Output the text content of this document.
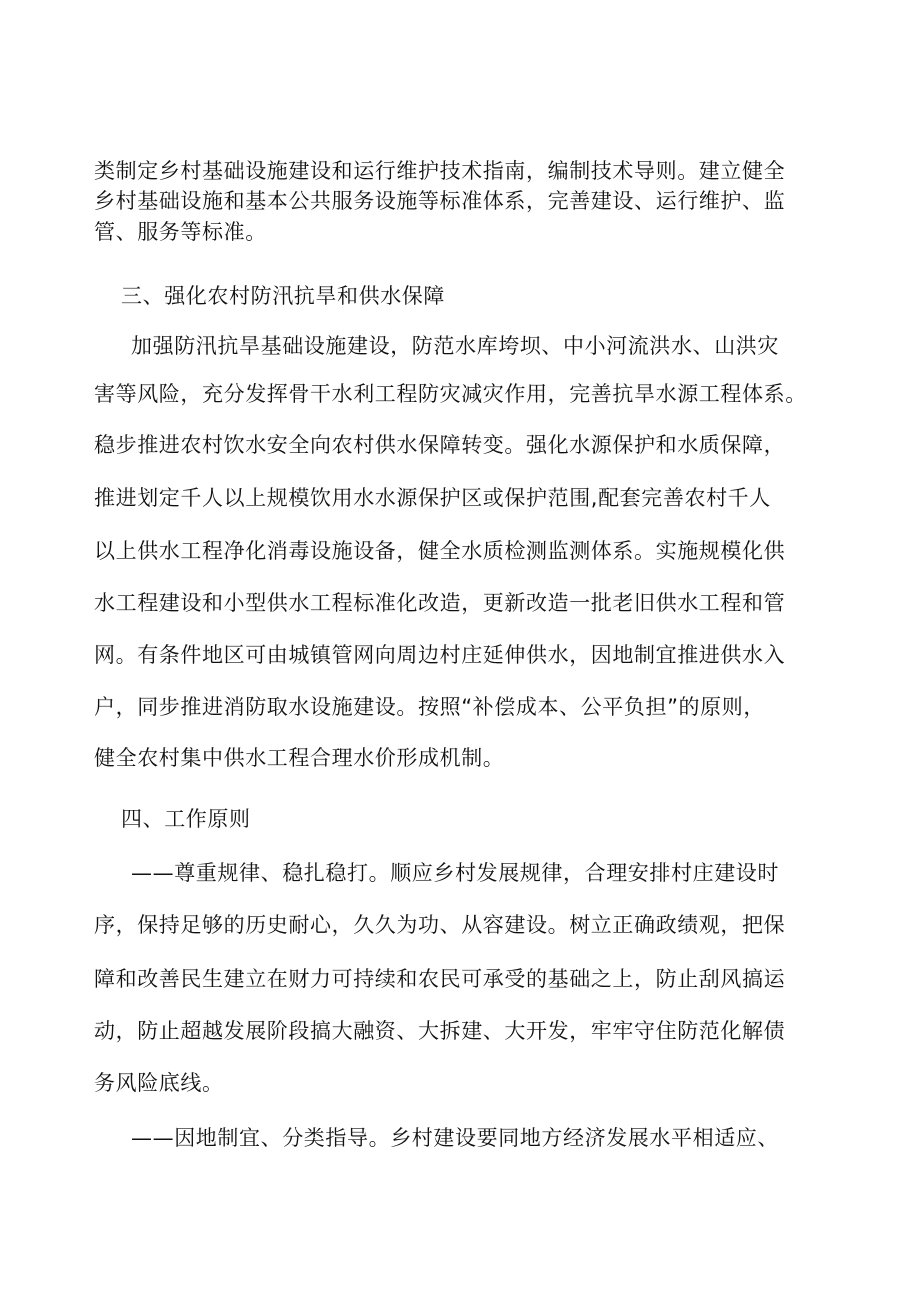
类制定乡村基础设施建设和运行维护技术指南，编制技术导则。建立健全
乡村基础设施和基本公共服务设施等标准体系，完善建设、运行维护、监
管、服务等标准。
三、强化农村防汛抗旱和供水保障
加强防汛抗旱基础设施建设，防范水库垮坝、中小河流洪水、山洪灾
害等风险，充分发挥骨干水利工程防灾减灾作用，完善抗旱水源工程体系。
稳步推进农村饮水安全向农村供水保障转变。强化水源保护和水质保障，
推进划定千人以上规模饮用水水源保护区或保护范围,配套完善农村千人
以上供水工程净化消毒设施设备，健全水质检测监测体系。实施规模化供
水工程建设和小型供水工程标准化改造，更新改造一批老旧供水工程和管
网。有条件地区可由城镇管网向周边村庄延伸供水，因地制宜推进供水入
户，同步推进消防取水设施建设。按照“补偿成本、公平负担”的原则，
健全农村集中供水工程合理水价形成机制。
四、工作原则
——尊重规律、稳扎稳打。顺应乡村发展规律，合理安排村庄建设时
序，保持足够的历史耐心，久久为功、从容建设。树立正确政绩观，把保
障和改善民生建立在财力可持续和农民可承受的基础之上，防止刮风搞运
动，防止超越发展阶段搞大融资、大拆建、大开发，牢牢守住防范化解债
务风险底线。
——因地制宜、分类指导。乡村建设要同地方经济发展水平相适应、
